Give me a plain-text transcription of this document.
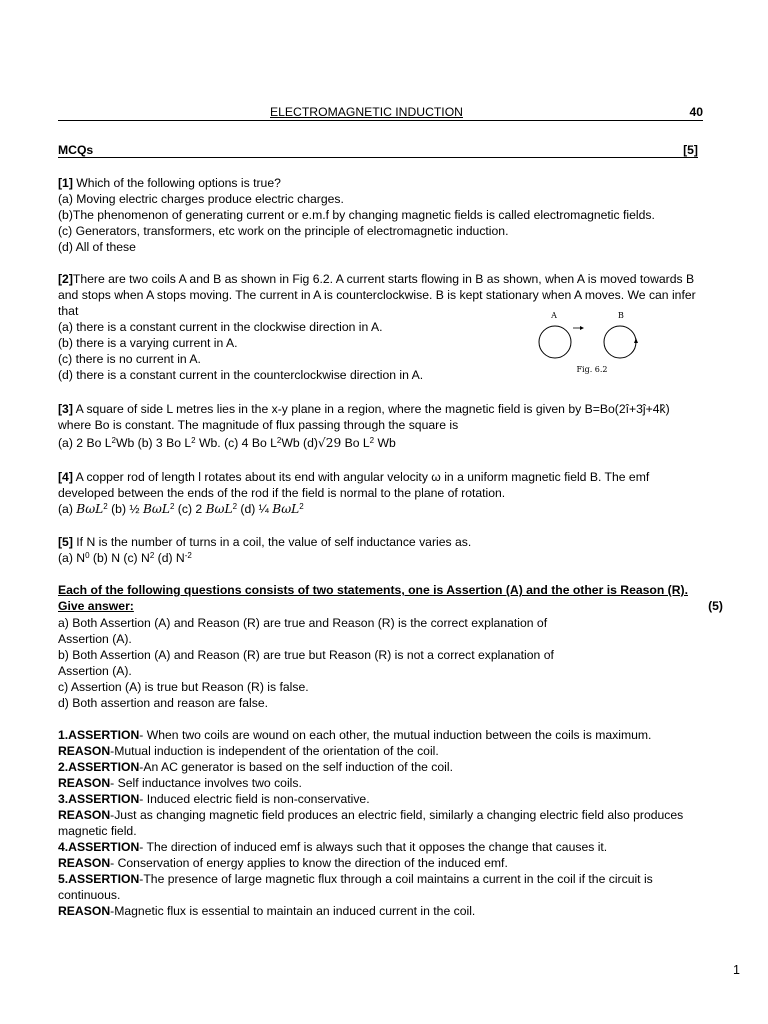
ELECTROMAGNETIC INDUCTION	40
MCQs	[5]
[1] Which of the following options is true?
(a) Moving electric charges produce electric charges.
(b)The phenomenon of generating current or e.m.f by changing magnetic fields is called electromagnetic fields.
(c) Generators, transformers, etc work on the principle of electromagnetic induction.
(d) All of these
[2]There are two coils A and B as shown in Fig 6.2. A current starts flowing in B as shown, when A is moved towards B
and stops when A stops moving. The current in A is counterclockwise. B is kept stationary when A moves. We can infer
that
(a) there is a constant current in the clockwise direction in A.
(b) there is a varying current in A.
(c) there is no current in A.
(d) there is a constant current in the counterclockwise direction in A.
A	B
Fig. 6.2
[3] A square of side L metres lies in the x-y plane in a region, where the magnetic field is given by B=Bo(2î+3ĵ+4k̂)
where Bo is constant. The magnitude of flux passing through the square is
(a) 2 Bo $L^2Wb$ (b) 3 Bo $L^2$ Wb. (c) 4 Bo $L^2Wb$ (d)√29 Bo $L^2$ Wb
[4] A copper rod of length l rotates about its end with angular velocity ω in a uniform magnetic field B. The emf
developed between the ends of the rod if the field is normal to the plane of rotation.
(a) BωL$^2$ (b) ½ BωL$^2$ (c) 2 BωL$^2$ (d) ¼ BωL$^2$
[5] If N is the number of turns in a coil, the value of self inductance varies as.
(a) $N^0$ (b) N (c) $N^2$ (d) $N^{-2}$
Each of the following questions consists of two statements, one is Assertion (A) and the other is Reason (R).
Give answer:	(5)
a) Both Assertion (A) and Reason (R) are true and Reason (R) is the correct explanation of
Assertion (A).
b) Both Assertion (A) and Reason (R) are true but Reason (R) is not a correct explanation of
Assertion (A).
c) Assertion (A) is true but Reason (R) is false.
d) Both assertion and reason are false.
1.ASSERTION- When two coils are wound on each other, the mutual induction between the coils is maximum.
REASON-Mutual induction is independent of the orientation of the coil.
2.ASSERTION-An AC generator is based on the self induction of the coil.
REASON- Self inductance involves two coils.
3.ASSERTION- Induced electric field is non-conservative.
REASON-Just as changing magnetic field produces an electric field, similarly a changing electric field also produces
magnetic field.
4.ASSERTION- The direction of induced emf is always such that it opposes the change that causes it.
REASON- Conservation of energy applies to know the direction of the induced emf.
5.ASSERTION-The presence of large magnetic flux through a coil maintains a current in the coil if the circuit is
continuous.
REASON-Magnetic flux is essential to maintain an induced current in the coil.
1
